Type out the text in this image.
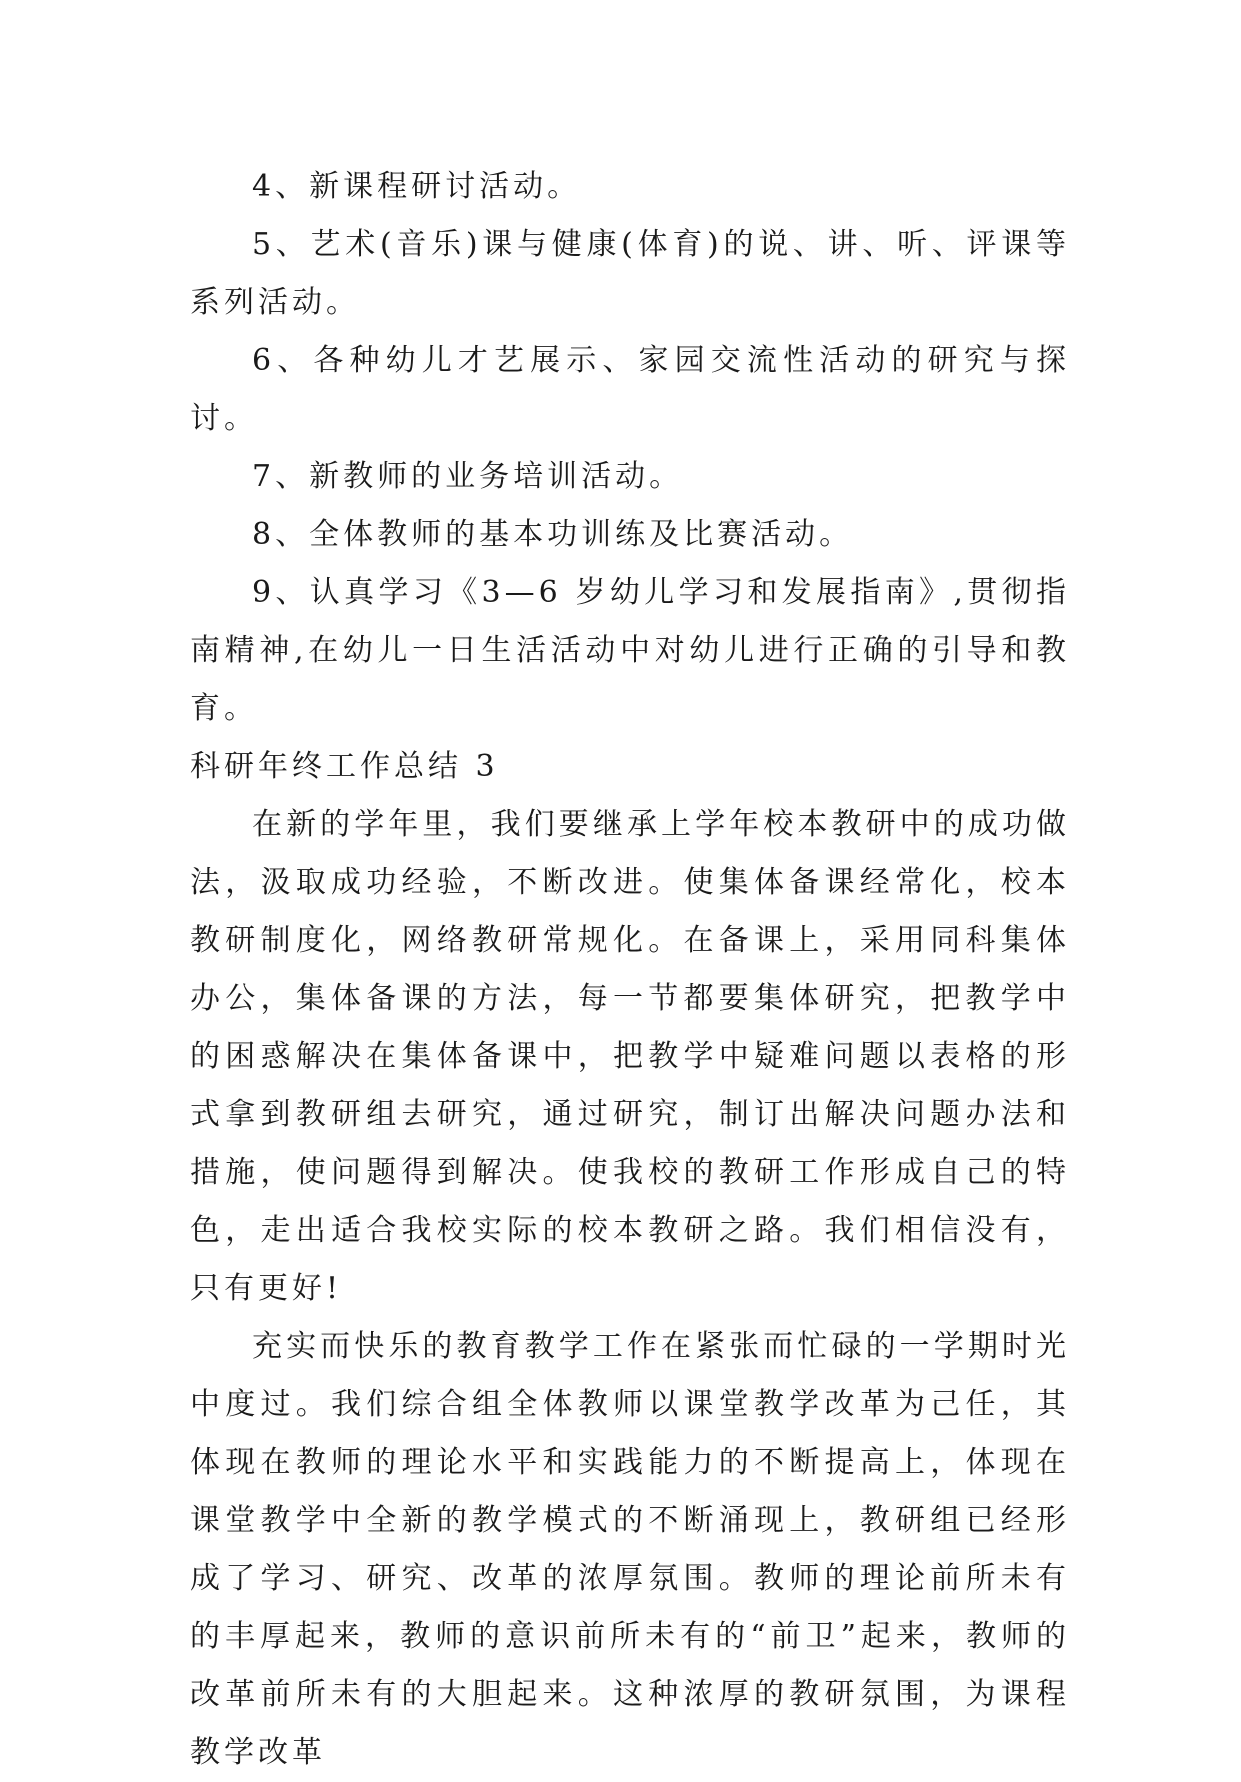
4、新课程研讨活动。

5、艺术(音乐)课与健康(体育)的说、讲、听、评课等系列活动。

6、各种幼儿才艺展示、家园交流性活动的研究与探讨。

7、新教师的业务培训活动。

8、全体教师的基本功训练及比赛活动。

9、认真学习《3—6 岁幼儿学习和发展指南》,贯彻指南精神,在幼儿一日生活活动中对幼儿进行正确的引导和教育。

科研年终工作总结 3

在新的学年里，我们要继承上学年校本教研中的成功做法，汲取成功经验，不断改进。使集体备课经常化，校本教研制度化，网络教研常规化。在备课上，采用同科集体办公，集体备课的方法，每一节都要集体研究，把教学中的困惑解决在集体备课中，把教学中疑难问题以表格的形式拿到教研组去研究，通过研究，制订出解决问题办法和措施，使问题得到解决。使我校的教研工作形成自己的特色，走出适合我校实际的校本教研之路。我们相信没有，只有更好!

充实而快乐的教育教学工作在紧张而忙碌的一学期时光中度过。我们综合组全体教师以课堂教学改革为己任，其体现在教师的理论水平和实践能力的不断提高上，体现在课堂教学中全新的教学模式的不断涌现上，教研组已经形成了学习、研究、改革的浓厚氛围。教师的理论前所未有的丰厚起来，教师的意识前所未有的“前卫”起来，教师的改革前所未有的大胆起来。这种浓厚的教研氛围，为课程教学改革
